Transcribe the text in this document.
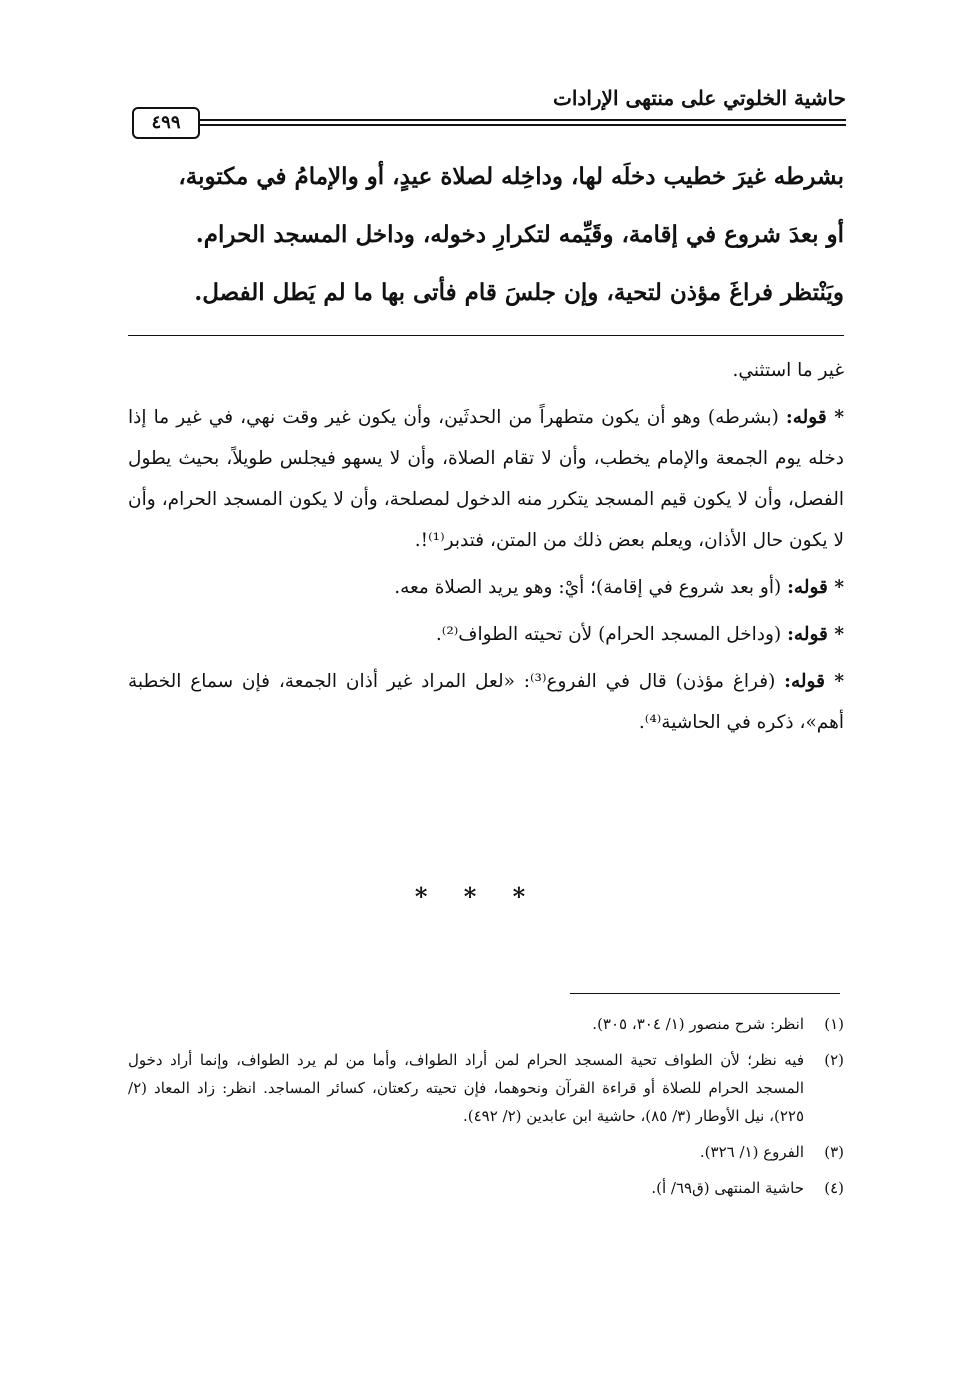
حاشية الخلوتي على منتهى الإرادات
٤٩٩

بشرطه غيرَ خطيب دخلَه لها، وداخِله لصلاة عيدٍ، أو والإمامُ في مكتوبة،

أو بعدَ شروع في إقامة، وقَيِّمه لتكرارِ دخوله، وداخل المسجد الحرام.

ويَنْتظر فراغَ مؤذن لتحية، وإن جلسَ قام فأتى بها ما لم يَطل الفصل.

غير ما استثني.

* قوله: (بشرطه) وهو أن يكون متطهراً من الحدثَين، وأن يكون غير وقت نهي، في غير ما إذا دخله يوم الجمعة والإمام يخطب، وأن لا تقام الصلاة، وأن لا يسهو فيجلس طويلاً، بحيث يطول الفصل، وأن لا يكون قيم المسجد يتكرر منه الدخول لمصلحة، وأن لا يكون المسجد الحرام، وأن لا يكون حال الأذان، ويعلم بعض ذلك من المتن، فتدبر⁽¹⁾!.

* قوله: (أو بعد شروع في إقامة)؛ أيْ: وهو يريد الصلاة معه.

* قوله: (وداخل المسجد الحرام) لأن تحيته الطواف⁽²⁾.

* قوله: (فراغ مؤذن) قال في الفروع⁽³⁾: «لعل المراد غير أذان الجمعة، فإن سماع الخطبة أهم»، ذكره في الحاشية⁽⁴⁾.

* * *
(١)
انظر: شرح منصور (١/ ٣٠٤، ٣٠٥).
(٢)
فيه نظر؛ لأن الطواف تحية المسجد الحرام لمن أراد الطواف، وأما من لم يرد الطواف، وإنما أراد دخول المسجد الحرام للصلاة أو قراءة القرآن ونحوهما، فإن تحيته ركعتان، كسائر المساجد. انظر: زاد المعاد (٢/ ٢٢٥)، نيل الأوطار (٣/ ٨٥)، حاشية ابن عابدين (٢/ ٤٩٢).
(٣)
الفروع (١/ ٣٢٦).
(٤)
حاشية المنتهى (ق٦٩/ أ).
